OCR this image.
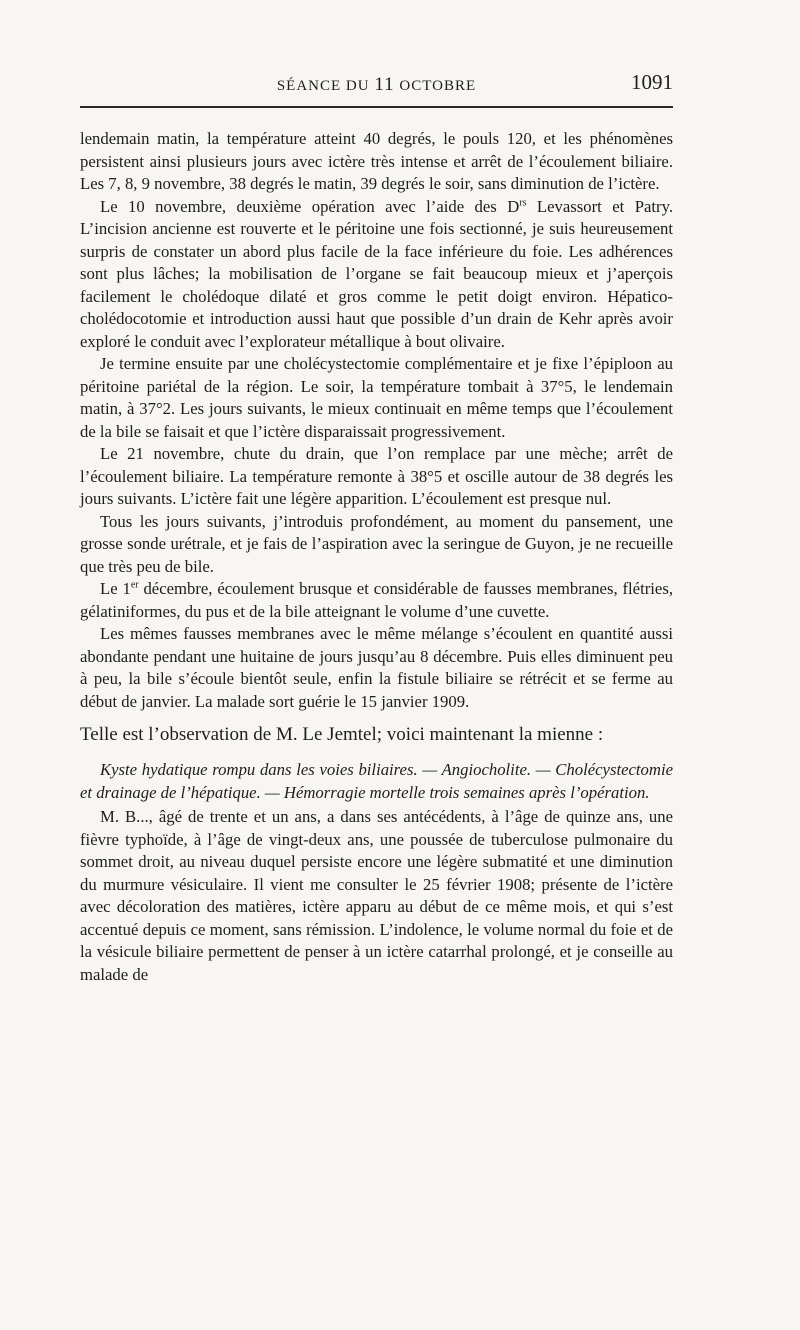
SÉANCE DU 11 OCTOBRE	1091

lendemain matin, la température atteint 40 degrés, le pouls 120, et les phénomènes persistent ainsi plusieurs jours avec ictère très intense et arrêt de l’écoulement biliaire. Les 7, 8, 9 novembre, 38 degrés le matin, 39 degrés le soir, sans diminution de l’ictère.

Le 10 novembre, deuxième opération avec l’aide des $D^{rs}$ Levassort et Patry. L’incision ancienne est rouverte et le péritoine une fois sectionné, je suis heureusement surpris de constater un abord plus facile de la face inférieure du foie. Les adhérences sont plus lâches; la mobilisation de l’organe se fait beaucoup mieux et j’aperçois facilement le cholédoque dilaté et gros comme le petit doigt environ. Hépatico-cholédocotomie et introduction aussi haut que possible d’un drain de Kehr après avoir exploré le conduit avec l’explorateur métallique à bout olivaire.

Je termine ensuite par une cholécystectomie complémentaire et je fixe l’épiploon au péritoine pariétal de la région. Le soir, la température tombait à 37°5, le lendemain matin, à 37°2. Les jours suivants, le mieux continuait en même temps que l’écoulement de la bile se faisait et que l’ictère disparaissait progressivement.

Le 21 novembre, chute du drain, que l’on remplace par une mèche; arrêt de l’écoulement biliaire. La température remonte à 38°5 et oscille autour de 38 degrés les jours suivants. L’ictère fait une légère apparition. L’écoulement est presque nul.

Tous les jours suivants, j’introduis profondément, au moment du pansement, une grosse sonde urétrale, et je fais de l’aspiration avec la seringue de Guyon, je ne recueille que très peu de bile.

Le 1er décembre, écoulement brusque et considérable de fausses membranes, flétries, gélatiniformes, du pus et de la bile atteignant le volume d’une cuvette.

Les mêmes fausses membranes avec le même mélange s’écoulent en quantité aussi abondante pendant une huitaine de jours jusqu’au 8 décembre. Puis elles diminuent peu à peu, la bile s’écoule bientôt seule, enfin la fistule biliaire se rétrécit et se ferme au début de janvier. La malade sort guérie le 15 janvier 1909.

Telle est l’observation de M. Le Jemtel; voici maintenant la mienne :

Kyste hydatique rompu dans les voies biliaires. — Angiocholite. — Cholécystectomie et drainage de l’hépatique. — Hémorragie mortelle trois semaines après l’opération.

M. B..., âgé de trente et un ans, a dans ses antécédents, à l’âge de quinze ans, une fièvre typhoïde, à l’âge de vingt-deux ans, une poussée de tuberculose pulmonaire du sommet droit, au niveau duquel persiste encore une légère submatité et une diminution du murmure vésiculaire. Il vient me consulter le 25 février 1908; présente de l’ictère avec décoloration des matières, ictère apparu au début de ce même mois, et qui s’est accentué depuis ce moment, sans rémission. L’indolence, le volume normal du foie et de la vésicule biliaire permettent de penser à un ictère catarrhal prolongé, et je conseille au malade de
